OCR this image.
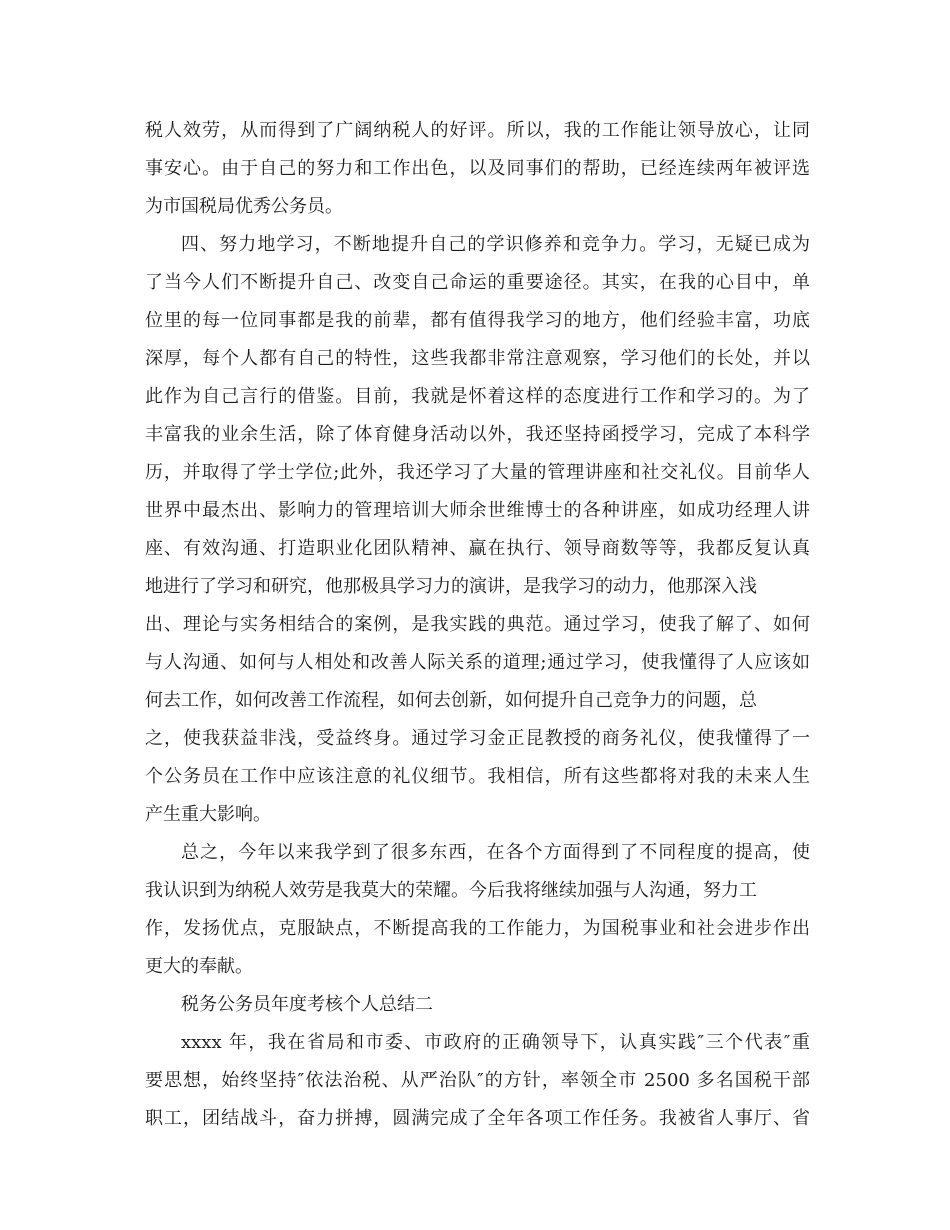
税人效劳，从而得到了广阔纳税人的好评。所以，我的工作能让领导放心，让同
事安心。由于自己的努力和工作出色，以及同事们的帮助，已经连续两年被评选
为市国税局优秀公务员。
四、努力地学习，不断地提升自己的学识修养和竞争力。学习，无疑已成为
了当今人们不断提升自己、改变自己命运的重要途径。其实，在我的心目中，单
位里的每一位同事都是我的前辈，都有值得我学习的地方，他们经验丰富，功底
深厚，每个人都有自己的特性，这些我都非常注意观察，学习他们的长处，并以
此作为自己言行的借鉴。目前，我就是怀着这样的态度进行工作和学习的。为了
丰富我的业余生活，除了体育健身活动以外，我还坚持函授学习，完成了本科学
历，并取得了学士学位;此外，我还学习了大量的管理讲座和社交礼仪。目前华人
世界中最杰出、影响力的管理培训大师余世维博士的各种讲座，如成功经理人讲
座、有效沟通、打造职业化团队精神、赢在执行、领导商数等等，我都反复认真
地进行了学习和研究，他那极具学习力的演讲，是我学习的动力，他那深入浅
出、理论与实务相结合的案例，是我实践的典范。通过学习，使我了解了、如何
与人沟通、如何与人相处和改善人际关系的道理;通过学习，使我懂得了人应该如
何去工作，如何改善工作流程，如何去创新，如何提升自己竞争力的问题，总
之，使我获益非浅，受益终身。通过学习金正昆教授的商务礼仪，使我懂得了一
个公务员在工作中应该注意的礼仪细节。我相信，所有这些都将对我的未来人生
产生重大影响。
总之，今年以来我学到了很多东西，在各个方面得到了不同程度的提高，使
我认识到为纳税人效劳是我莫大的荣耀。今后我将继续加强与人沟通，努力工
作，发扬优点，克服缺点，不断提高我的工作能力，为国税事业和社会进步作出
更大的奉献。
税务公务员年度考核个人总结二
xxxx 年，我在省局和市委、市政府的正确领导下，认真实践″三个代表″重
要思想，始终坚持″依法治税、从严治队″的方针，率领全市 2500 多名国税干部
职工，团结战斗，奋力拼搏，圆满完成了全年各项工作任务。我被省人事厅、省
